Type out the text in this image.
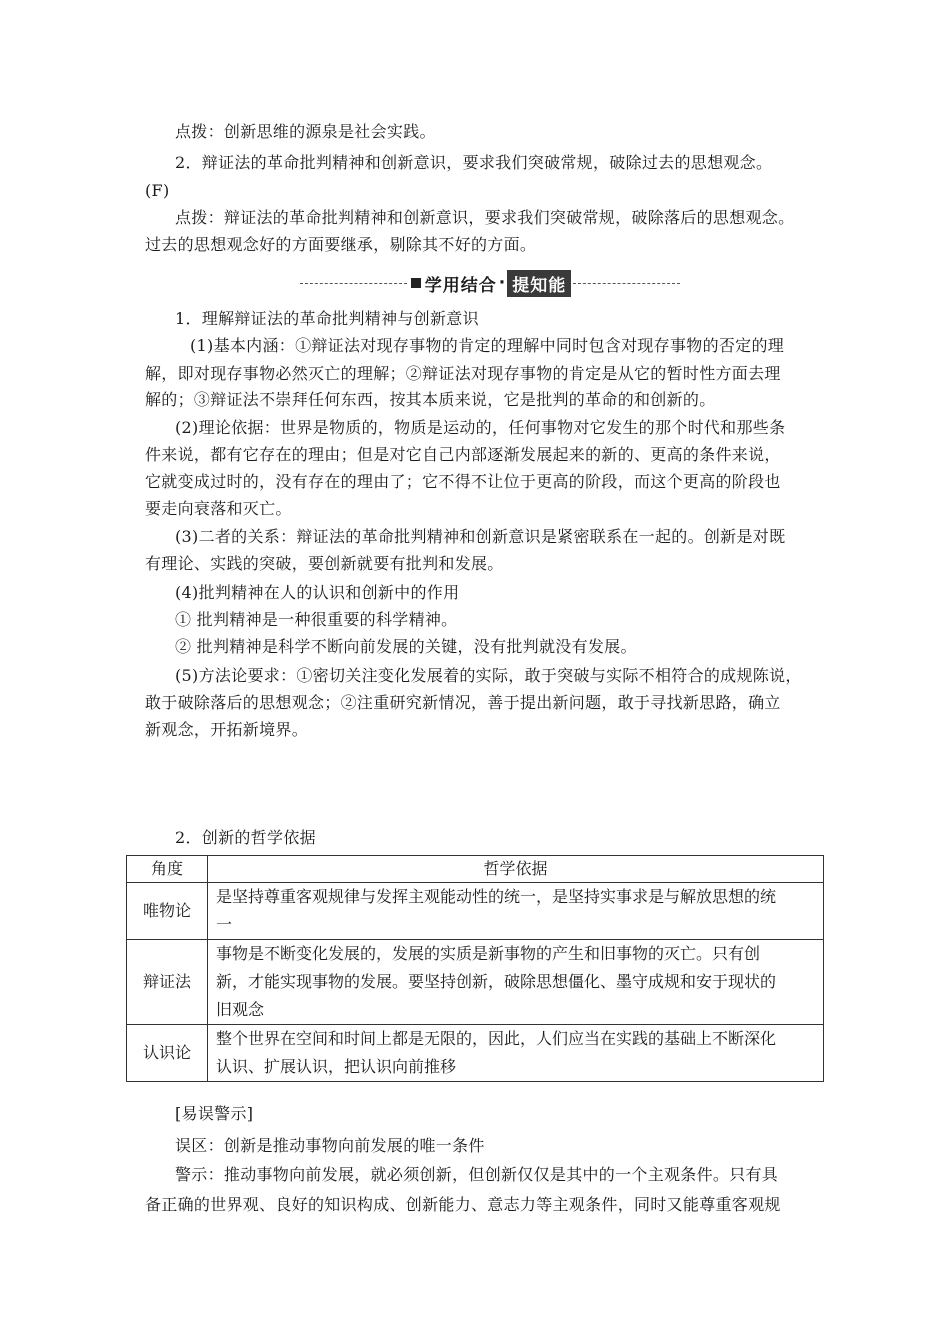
点拨：创新思维的源泉是社会实践。
2．辩证法的革命批判精神和创新意识，要求我们突破常规，破除过去的思想观念。
(F)
点拨：辩证法的革命批判精神和创新意识，要求我们突破常规，破除落后的思想观念。
过去的思想观念好的方面要继承，剔除其不好的方面。
学用结合 · 提知能
1．理解辩证法的革命批判精神与创新意识
(1)基本内涵：①辩证法对现存事物的肯定的理解中同时包含对现存事物的否定的理
解，即对现存事物必然灭亡的理解；②辩证法对现存事物的肯定是从它的暂时性方面去理
解的；③辩证法不崇拜任何东西，按其本质来说，它是批判的革命的和创新的。
(2)理论依据：世界是物质的，物质是运动的，任何事物对它发生的那个时代和那些条
件来说，都有它存在的理由；但是对它自己内部逐渐发展起来的新的、更高的条件来说，
它就变成过时的，没有存在的理由了；它不得不让位于更高的阶段，而这个更高的阶段也
要走向衰落和灭亡。
(3)二者的关系：辩证法的革命批判精神和创新意识是紧密联系在一起的。创新是对既
有理论、实践的突破，要创新就要有批判和发展。
(4)批判精神在人的认识和创新中的作用
① 批判精神是一种很重要的科学精神。
② 批判精神是科学不断向前发展的关键，没有批判就没有发展。
(5)方法论要求：①密切关注变化发展着的实际，敢于突破与实际不相符合的成规陈说，
敢于破除落后的思想观念；②注重研究新情况，善于提出新问题，敢于寻找新思路，确立
新观念，开拓新境界。
2．创新的哲学依据
角度	哲学依据
唯物论	是坚持尊重客观规律与发挥主观能动性的统一，是坚持实事求是与解放思想的统
一

辩证法	事物是不断变化发展的，发展的实质是新事物的产生和旧事物的灭亡。只有创
新，才能实现事物的发展。要坚持创新，破除思想僵化、墨守成规和安于现状的
旧观念

认识论	整个世界在空间和时间上都是无限的，因此，人们应当在实践的基础上不断深化
认识、扩展认识，把认识向前推移
[易误警示]
误区：创新是推动事物向前发展的唯一条件
警示：推动事物向前发展，就必须创新，但创新仅仅是其中的一个主观条件。只有具
备正确的世界观、良好的知识构成、创新能力、意志力等主观条件，同时又能尊重客观规
